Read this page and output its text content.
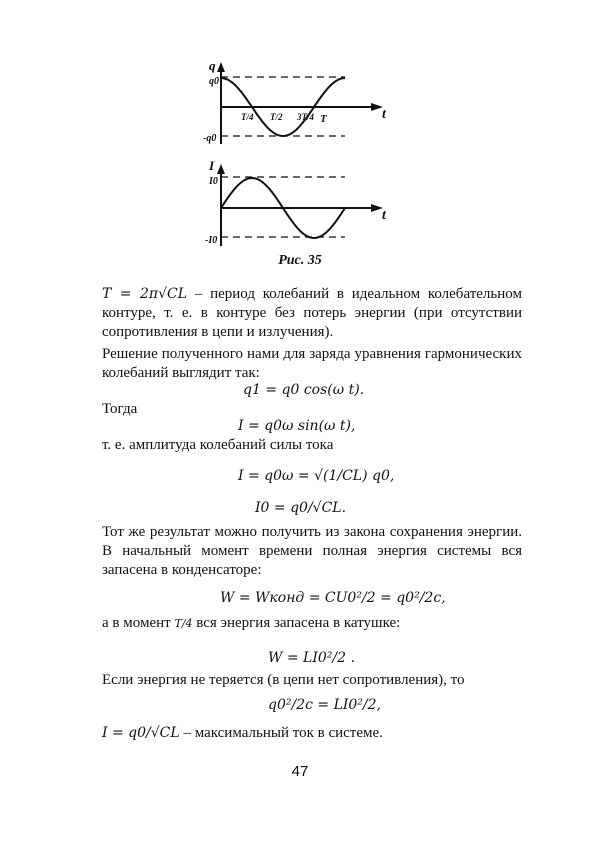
q
q0
-q0
t
T/4 T/2 3T/4 T
I
I0
-I0
t
Рис. 35
T = 2π√CL – период колебаний в идеальном колебательном контуре, т. е. в контуре без потерь энергии (при отсутствии сопротивления в цепи и излучения).
Решение полученного нами для заряда уравнения гармонических колебаний выглядит так:
q1 = q0 cos(ω t).
Тогда
I = q0ω sin(ω t),
т. е. амплитуда колебаний силы тока
I = q0ω = √(1/CL) q0,
I0 = q0/√CL.
Тот же результат можно получить из закона сохранения энергии. В начальный момент времени полная энергия системы вся запасена в конденсаторе:
W = Wконд = CU0²/2 = q0²/2c,
а в момент T/4 вся энергия запасена в катушке:
W = LI0²/2 .
Если энергия не теряется (в цепи нет сопротивления), то
q0²/2c = LI0²/2,
I = q0/√CL – максимальный ток в системе.
47
